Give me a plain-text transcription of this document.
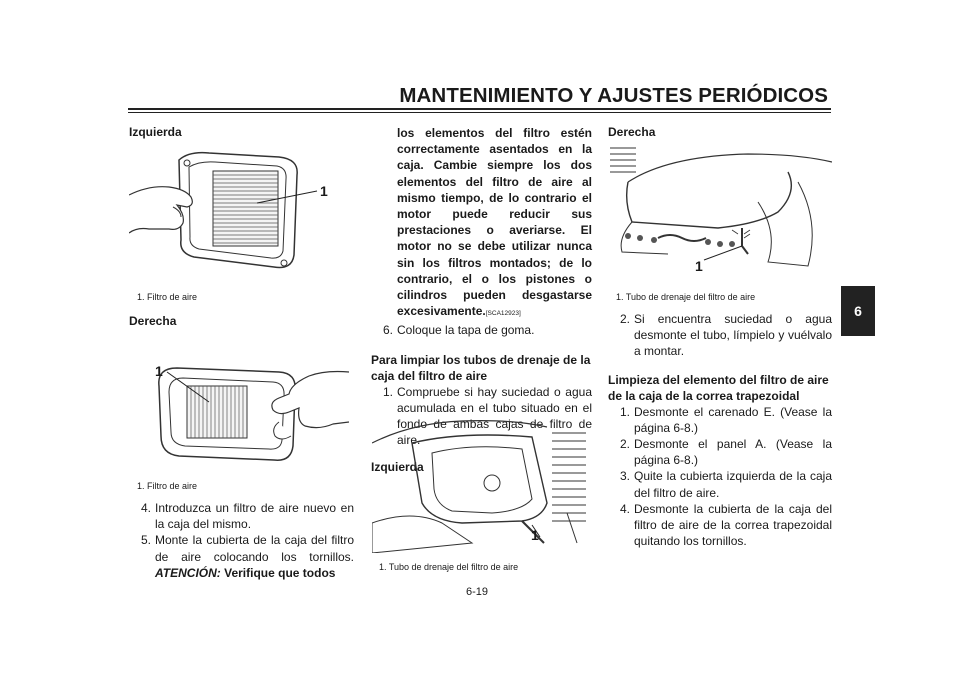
MANTENIMIENTO Y AJUSTES PERIÓDICOS
6
Izquierda
1
1. Filtro de aire
Derecha
1
1. Filtro de aire
4. Introduzca un filtro de aire nuevo en la caja del mismo.
5. Monte la cubierta de la caja del filtro de aire colocando los tornillos. ATENCIÓN: Verifique que todos
los elementos del filtro estén correctamente asentados en la caja. Cambie siempre los dos elementos del filtro de aire al mismo tiempo, de lo contrario el motor puede reducir sus prestaciones o averiarse. El motor no se debe utilizar nunca sin los filtros montados; de lo contrario, el o los pistones o cilindros pueden desgastarse excesivamente.[SCA12923]
6. Coloque la tapa de goma.
Para limpiar los tubos de drenaje de la caja del filtro de aire
1. Compruebe si hay suciedad o agua acumulada en el tubo situado en el fondo de ambas cajas de filtro de aire.
Izquierda
1
1. Tubo de drenaje del filtro de aire
Derecha
1
1. Tubo de drenaje del filtro de aire
2. Si encuentra suciedad o agua desmonte el tubo, límpielo y vuélvalo a montar.
Limpieza del elemento del filtro de aire de la caja de la correa trapezoidal
1. Desmonte el carenado E. (Vease la página 6-8.)
2. Desmonte el panel A. (Vease la página 6-8.)
3. Quite la cubierta izquierda de la caja del filtro de aire.
4. Desmonte la cubierta de la caja del filtro de aire de la correa trapezoidal quitando los tornillos.
6-19
